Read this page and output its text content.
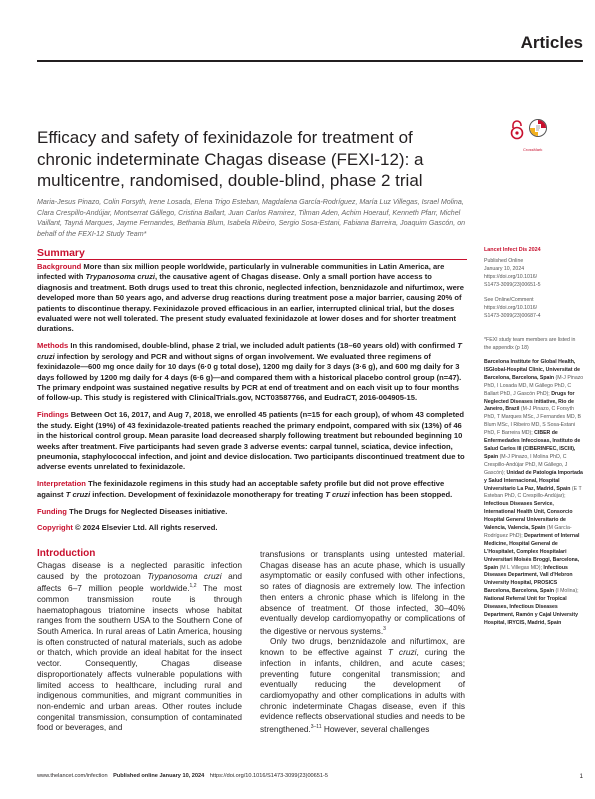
Articles
Efficacy and safety of fexinidazole for treatment of chronic indeterminate Chagas disease (FEXI-12): a multicentre, randomised, double-blind, phase 2 trial
CrossMark
Maria-Jesus Pinazo, Colin Forsyth, Irene Losada, Elena Trigo Esteban, Magdalena García-Rodríguez, María Luz Villegas, Israel Molina, Clara Crespillo-Andújar, Montserrat Gállego, Cristina Ballart, Juan Carlos Ramirez, Tilman Aden, Achim Hoerauf, Kenneth Pfarr, Michel Vaillant, Tayná Marques, Jayme Fernandes, Bethania Blum, Isabela Ribeiro, Sergio Sosa-Estani, Fabiana Barreira, Joaquim Gascón, on behalf of the FEXI-12 Study Team*
Summary

Background More than six million people worldwide, particularly in vulnerable communities in Latin America, are infected with Trypanosoma cruzi, the causative agent of Chagas disease. Only a small portion have access to diagnosis and treatment. Both drugs used to treat this chronic, neglected infection, benznidazole and nifurtimox, were developed more than 50 years ago, and adverse drug reactions during treatment pose a major barrier, causing 20% of patients to discontinue therapy. Fexinidazole proved efficacious in an earlier, interrupted clinical trial, but the doses evaluated were not well tolerated. The present study evaluated fexinidazole at lower doses and for shorter treatment durations.

Methods In this randomised, double-blind, phase 2 trial, we included adult patients (18–60 years old) with confirmed T cruzi infection by serology and PCR and without signs of organ involvement. We evaluated three regimens of fexinidazole—600 mg once daily for 10 days (6·0 g total dose), 1200 mg daily for 3 days (3·6 g), and 600 mg daily for 3 days followed by 1200 mg daily for 4 days (6·6 g)—and compared them with a historical placebo control group (n=47). The primary endpoint was sustained negative results by PCR at end of treatment and on each visit up to four months of follow-up. This study is registered with ClinicalTrials.gov, NCT03587766, and EudraCT, 2016-004905-15.

Findings Between Oct 16, 2017, and Aug 7, 2018, we enrolled 45 patients (n=15 for each group), of whom 43 completed the study. Eight (19%) of 43 fexinidazole-treated patients reached the primary endpoint, compared with six (13%) of 46 in the historical control group. Mean parasite load decreased sharply following treatment but rebounded beginning 10 weeks after treatment. Five participants had seven grade 3 adverse events: carpal tunnel, sciatica, device infection, pneumonia, staphylococcal infection, and joint and device dislocation. Two participants discontinued treatment due to adverse events unrelated to fexinidazole.

Interpretation The fexinidazole regimens in this study had an acceptable safety profile but did not prove effective against T cruzi infection. Development of fexinidazole monotherapy for treating T cruzi infection has been stopped.

Funding The Drugs for Neglected Diseases initiative.

Copyright © 2024 Elsevier Ltd. All rights reserved.

Introduction

Chagas disease is a neglected parasitic infection caused by the protozoan Trypanosoma cruzi and affects 6–7 million people worldwide.$^{1,2}$ The most common transmission route is through haematophagous triatomine insects whose habitat ranges from the southern USA to the Southern Cone of South America. In rural areas of Latin America, housing is often constructed of natural materials, such as adobe or thatch, which provide an ideal habitat for the insect vector. Consequently, Chagas disease disproportionately affects vulnerable populations with limited access to healthcare, including rural and indigenous communities, and migrant communities in non-endemic and urban areas. Other routes include congenital transmission, consumption of contaminated food or beverages, and

transfusions or transplants using untested material. Chagas disease has an acute phase, which is usually asymptomatic or easily confused with other infections, so rates of diagnosis are extremely low. The infection then enters a chronic phase which is lifelong in the absence of treatment. Of those infected, 30–40% eventually develop cardiomyopathy or complications of the digestive or nervous systems.$^3$

Only two drugs, benznidazole and nifurtimox, are known to be effective against T cruzi, curing the infection in infants, children, and acute cases; preventing future congenital transmission; and eventually reducing the development of cardiomyopathy and other complications in adults with chronic indeterminate Chagas disease, even if this evidence reflects observational studies and needs to be strengthened.$^{3-11}$ However, several challenges

Lancet Infect Dis 2024

Published Online

January 10, 2024

https://doi.org/10.1016/

S1473-3099(23)00651-5

See Online/Comment

https://doi.org/10.1016/

S1473-3099(23)00687-4

*FEXI study team members are listed in the appendix (p 18)
Barcelona Institute for Global Health, ISGlobal-Hospital Clinic, Universitat de Barcelona, Barcelona, Spain (M-J Pinazo PhD, I Losada MD, M Gállego PhD, C Ballart PhD, J Gascón PhD); Drugs for Neglected Diseases initiative, Rio de Janeiro, Brazil (M-J Pinazo, C Forsyth PhD, T Marques MSc, J Fernandes MD, B Blum MSc, I Ribeiro MD, S Sosa-Estani PhD, F Barreira MD); CIBER de Enfermedades Infecciosas, Instituto de Salud Carlos III (CIBERINFEC, ISCIII), Spain (M-J Pinazo, I Molina PhD, C Crespillo-Andújar PhD, M Gállego, J Gascón); Unidad de Patología Importada y Salud Internacional, Hospital Universitario La Paz, Madrid, Spain (E T Esteban PhD, C Crespillo-Andújar); Infectious Diseases Service, International Health Unit, Consorcio Hospital General Universitario de Valencia, Valencia, Spain (M García-Rodríguez PhD); Department of Internal Medicine, Hospital General de L'Hospitalet, Complex Hospitalari Universitari Moisès Broggi, Barcelona, Spain (M L Villegas MD); Infectious Diseases Department, Vall d'Hebron University Hospital, PROSICS Barcelona, Barcelona, Spain (I Molina); National Referral Unit for Tropical Diseases, Infectious Diseases Department, Ramón y Cajal University Hospital, IRYCIS, Madrid, Spain
www.thelancet.com/infection Published online January 10, 2024 https://doi.org/10.1016/S1473-3099(23)00651-5	1
